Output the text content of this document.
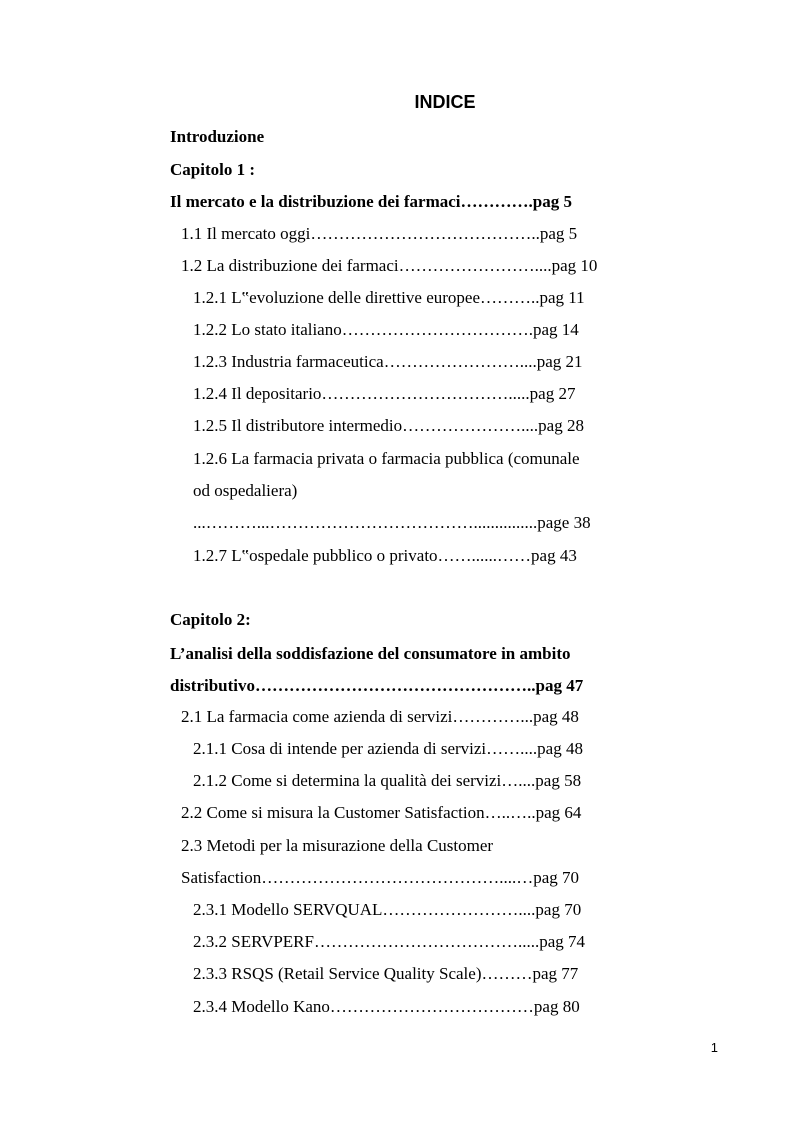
INDICE
Introduzione
Capitolo 1 :
Il mercato e la distribuzione dei farmaci………….pag 5
1.1 Il mercato oggi…………………………………..pag 5
1.2 La distribuzione dei farmaci……………………....pag 10
1.2.1 L‟evoluzione delle direttive europee………..pag 11
1.2.2 Lo stato italiano…………………………….pag 14
1.2.3 Industria farmaceutica……………………....pag 21
1.2.4 Il depositario…………………………….....pag 27
1.2.5 Il distributore intermedio…………………....pag 28
1.2.6 La farmacia privata o farmacia pubblica (comunale
od ospedaliera)
...………...………………………………...............page 38
1.2.7 L‟ospedale pubblico o privato……......……pag 43
Capitolo 2:
L’analisi della soddisfazione del consumatore in ambito
distributivo…………………………………………..pag 47
2.1 La farmacia come azienda di servizi…………...pag 48
2.1.1 Cosa di intende per azienda di servizi……....pag 48
2.1.2 Come si determina la qualità dei servizi…....pag 58
2.2 Come si misura la Customer Satisfaction…..…..pag 64
2.3 Metodi per la misurazione della Customer
Satisfaction……………………………………....…pag 70
2.3.1 Modello SERVQUAL……………………....pag 70
2.3.2 SERVPERF……………………………….....pag 74
2.3.3 RSQS (Retail Service Quality Scale)………pag 77
2.3.4 Modello Kano………………………………pag 80
1
